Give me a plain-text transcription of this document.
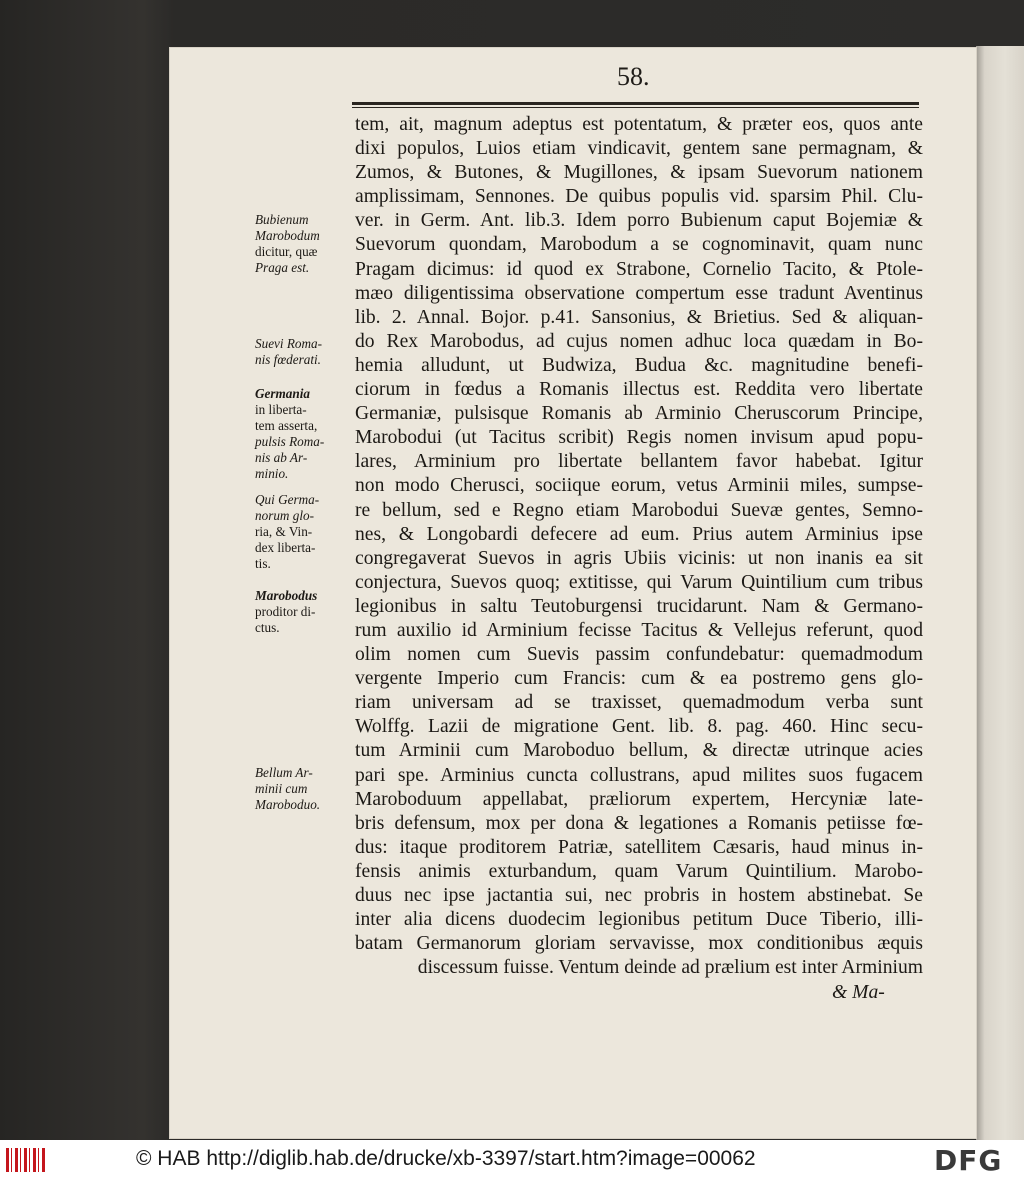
58.
tem, ait, magnum adeptus est potentatum, & præter eos, quos ante
dixi populos, Luios etiam vindicavit, gentem sane permagnam, &
Zumos, & Butones, & Mugillones, & ipsam Suevorum nationem
amplissimam, Sennones. De quibus populis vid. sparsim Phil. Clu-
ver. in Germ. Ant. lib.3. Idem porro Bubienum caput Bojemiæ &
Suevorum quondam, Marobodum a se cognominavit, quam nunc
Pragam dicimus: id quod ex Strabone, Cornelio Tacito, & Ptole-
mæo diligentissima observatione compertum esse tradunt Aventinus
lib. 2. Annal. Bojor. p.41. Sansonius, & Brietius. Sed & aliquan-
do Rex Marobodus, ad cujus nomen adhuc loca quædam in Bo-
hemia alludunt, ut Budwiza, Budua &c. magnitudine benefi-
ciorum in fœdus a Romanis illectus est. Reddita vero libertate
Germaniæ, pulsisque Romanis ab Arminio Cheruscorum Principe,
Marobodui (ut Tacitus scribit) Regis nomen invisum apud popu-
lares, Arminium pro libertate bellantem favor habebat. Igitur
non modo Cherusci, sociique eorum, vetus Arminii miles, sumpse-
re bellum, sed e Regno etiam Marobodui Suevæ gentes, Semno-
nes, & Longobardi defecere ad eum. Prius autem Arminius ipse
congregaverat Suevos in agris Ubiis vicinis: ut non inanis ea sit
conjectura, Suevos quoq; extitisse, qui Varum Quintilium cum tribus
legionibus in saltu Teutoburgensi trucidarunt. Nam & Germano-
rum auxilio id Arminium fecisse Tacitus & Vellejus referunt, quod
olim nomen cum Suevis passim confundebatur: quemadmodum
vergente Imperio cum Francis: cum & ea postremo gens glo-
riam universam ad se traxisset, quemadmodum verba sunt
Wolffg. Lazii de migratione Gent. lib. 8. pag. 460. Hinc secu-
tum Arminii cum Maroboduo bellum, & directæ utrinque acies
pari spe. Arminius cuncta collustrans, apud milites suos fugacem
Maroboduum appellabat, præliorum expertem, Hercyniæ late-
bris defensum, mox per dona & legationes a Romanis petiisse fœ-
dus: itaque proditorem Patriæ, satellitem Cæsaris, haud minus in-
fensis animis exturbandum, quam Varum Quintilium. Marobo-
duus nec ipse jactantia sui, nec probris in hostem abstinebat. Se
inter alia dicens duodecim legionibus petitum Duce Tiberio, illi-
batam Germanorum gloriam servavisse, mox conditionibus æquis
discessum fuisse. Ventum deinde ad prælium est inter Arminium
Bubienum
Marobodum
dicitur, quæ
Praga est.
Suevi Roma-
nis fœderati.
Germania
in liberta-
tem asserta,
pulsis Roma-
nis ab Ar-
minio.
Qui Germa-
norum glo-
ria, & Vin-
dex liberta-
tis.
Marobodus
proditor di-
ctus.
Bellum Ar-
minii cum
Maroboduo.
& Ma-
© HAB http://diglib.hab.de/drucke/xb-3397/start.htm?image=00062	DFG
